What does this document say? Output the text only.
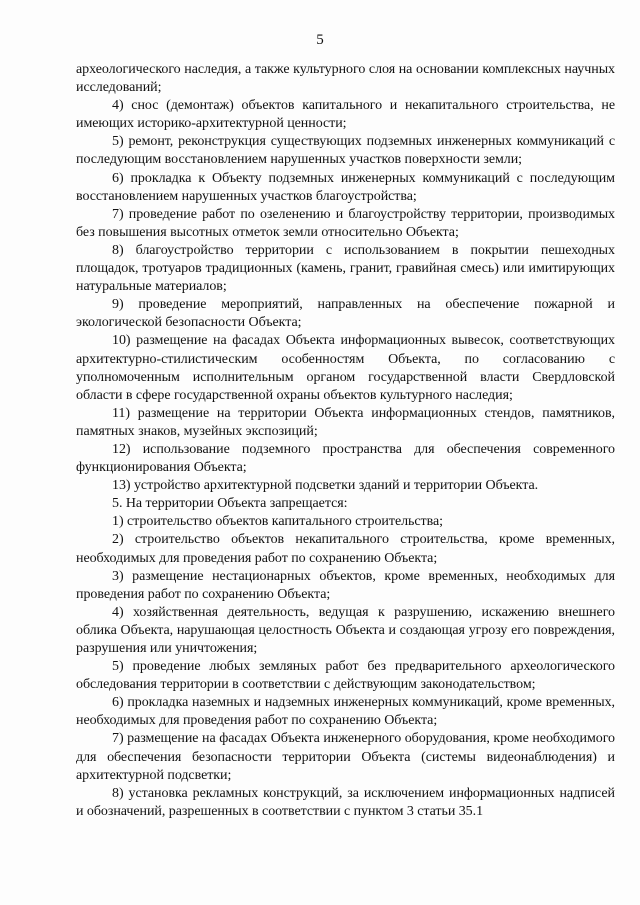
5

археологического наследия, а также культурного слоя на основании комплексных научных исследований;

4) снос (демонтаж) объектов капитального и некапитального строительства, не имеющих историко-архитектурной ценности;

5) ремонт, реконструкция существующих подземных инженерных коммуникаций с последующим восстановлением нарушенных участков поверхности земли;

6) прокладка к Объекту подземных инженерных коммуникаций с последующим восстановлением нарушенных участков благоустройства;

7) проведение работ по озеленению и благоустройству территории, производимых без повышения высотных отметок земли относительно Объекта;

8) благоустройство территории с использованием в покрытии пешеходных площадок, тротуаров традиционных (камень, гранит, гравийная смесь) или имитирующих натуральные материалов;

9) проведение мероприятий, направленных на обеспечение пожарной и экологической безопасности Объекта;

10) размещение на фасадах Объекта информационных вывесок, соответствующих архитектурно-стилистическим особенностям Объекта, по согласованию с уполномоченным исполнительным органом государственной власти Свердловской области в сфере государственной охраны объектов культурного наследия;

11) размещение на территории Объекта информационных стендов, памятников, памятных знаков, музейных экспозиций;

12) использование подземного пространства для обеспечения современного функционирования Объекта;

13) устройство архитектурной подсветки зданий и территории Объекта.

5. На территории Объекта запрещается:

1) строительство объектов капитального строительства;

2) строительство объектов некапитального строительства, кроме временных, необходимых для проведения работ по сохранению Объекта;

3) размещение нестационарных объектов, кроме временных, необходимых для проведения работ по сохранению Объекта;

4) хозяйственная деятельность, ведущая к разрушению, искажению внешнего облика Объекта, нарушающая целостность Объекта и создающая угрозу его повреждения, разрушения или уничтожения;

5) проведение любых земляных работ без предварительного археологического обследования территории в соответствии с действующим законодательством;

6) прокладка наземных и надземных инженерных коммуникаций, кроме временных, необходимых для проведения работ по сохранению Объекта;

7) размещение на фасадах Объекта инженерного оборудования, кроме необходимого для обеспечения безопасности территории Объекта (системы видеонаблюдения) и архитектурной подсветки;

8) установка рекламных конструкций, за исключением информационных надписей и обозначений, разрешенных в соответствии с пунктом 3 статьи 35.1
